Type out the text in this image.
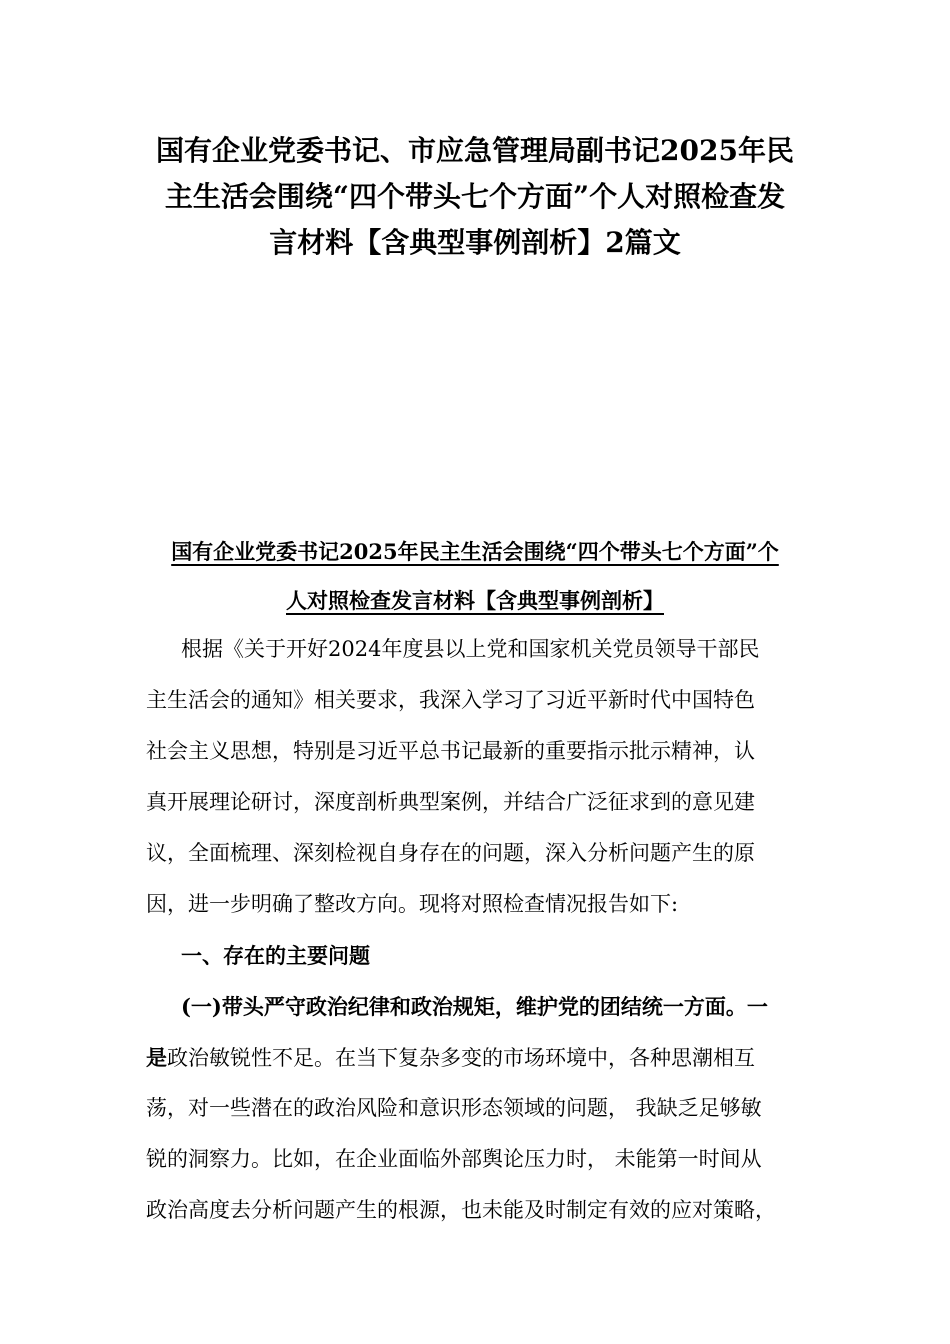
国有企业党委书记、市应急管理局副书记2025年民
主生活会围绕“四个带头七个方面”个人对照检查发
言材料【含典型事例剖析】2篇文
国有企业党委书记2025年民主生活会围绕“四个带头七个方面”个
人对照检查发言材料【含典型事例剖析】
根据《关于开好2024年度县以上党和国家机关党员领导干部民
主生活会的通知》相关要求，我深入学习了习近平新时代中国特色
社会主义思想，特别是习近平总书记最新的重要指示批示精神，认
真开展理论研讨，深度剖析典型案例，并结合广泛征求到的意见建
议，全面梳理、深刻检视自身存在的问题，深入分析问题产生的原
因，进一步明确了整改方向。现将对照检查情况报告如下:
一、存在的主要问题
(一)带头严守政治纪律和政治规矩，维护党的团结统一方面。一
是政治敏锐性不足。在当下复杂多变的市场环境中，各种思潮相互
荡，对一些潜在的政治风险和意识形态领域的问题， 我缺乏足够敏
锐的洞察力。比如，在企业面临外部舆论压力时， 未能第一时间从
政治高度去分析问题产生的根源，也未能及时制定有效的应对策略，
